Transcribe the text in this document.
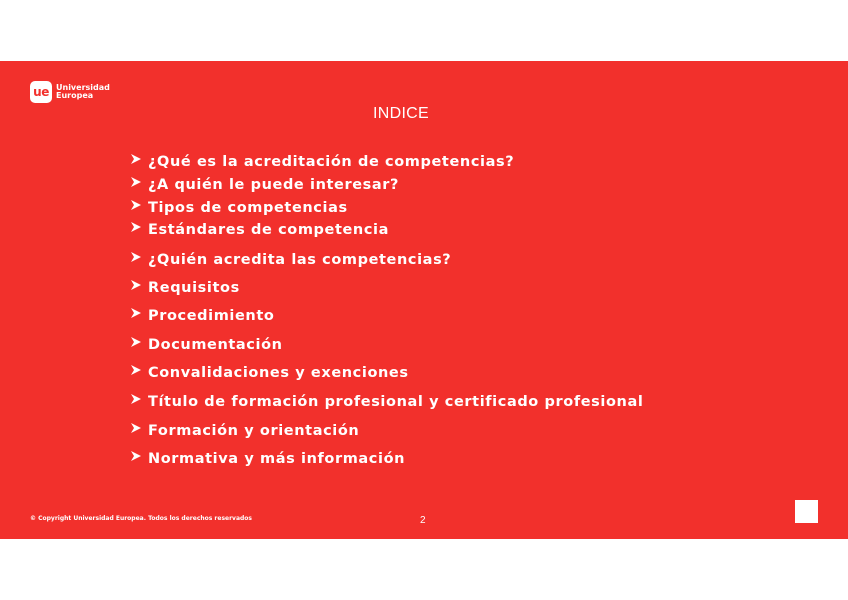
ue Universidad
Europea
INDICE
¿Qué es la acreditación de competencias?
¿A quién le puede interesar?
Tipos de competencias
Estándares de competencia
¿Quién acredita las competencias?
Requisitos
Procedimiento
Documentación
Convalidaciones y exenciones
Título de formación profesional y certificado profesional
Formación y orientación
Normativa y más información
© Copyright Universidad Europea. Todos los derechos reservados	2
